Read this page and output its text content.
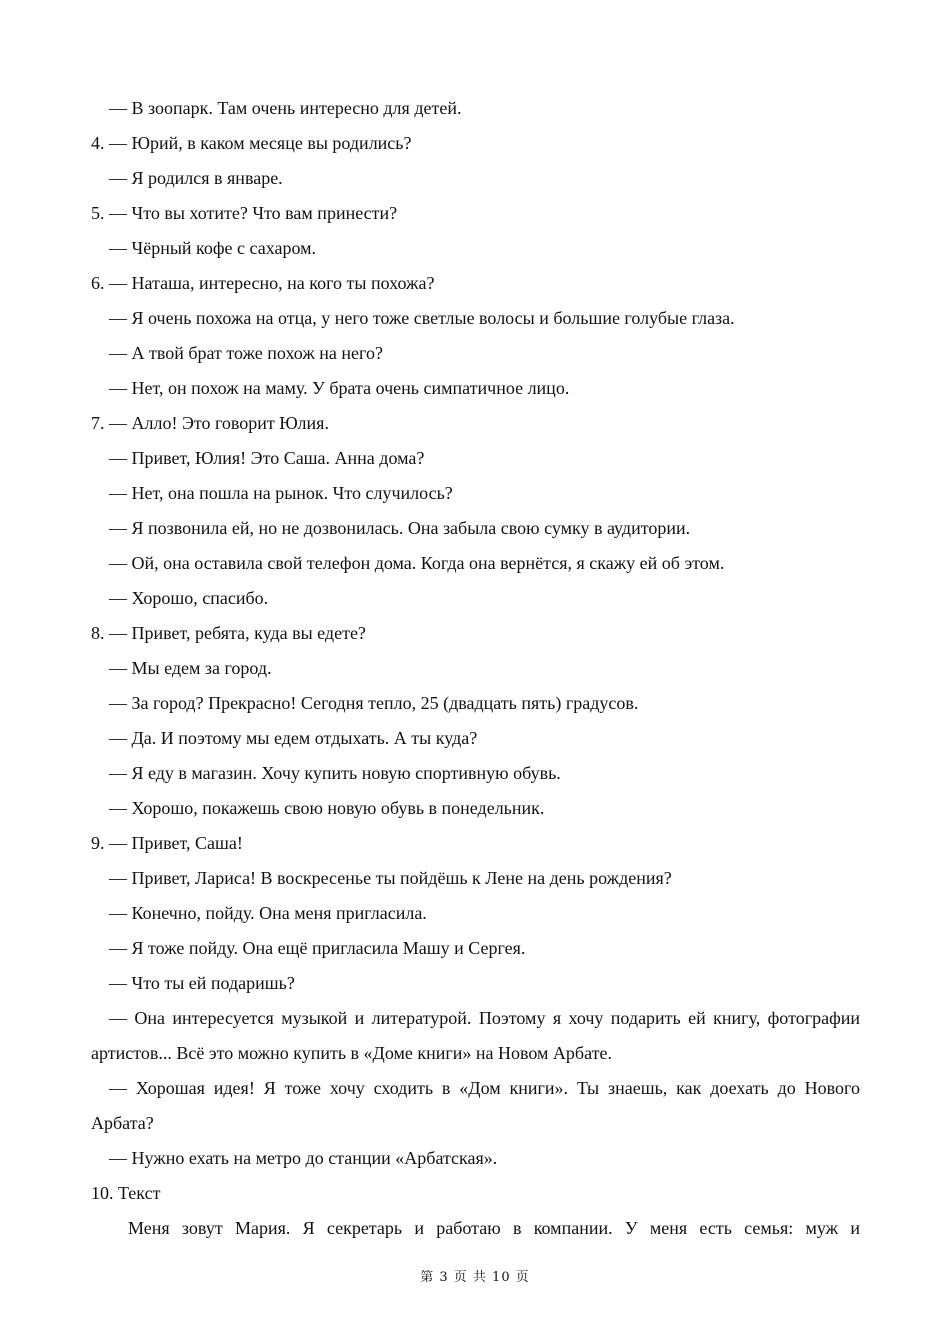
— В зоопарк. Там очень интересно для детей.
4. — Юрий, в каком месяце вы родились?
— Я родился в январе.
5. — Что вы хотите? Что вам принести?
— Чёрный кофе с сахаром.
6. — Наташа, интересно, на кого ты похожа?
— Я очень похожа на отца, у него тоже светлые волосы и большие голубые глаза.
— А твой брат тоже похож на него?
— Нет, он похож на маму. У брата очень симпатичное лицо.
7. — Алло! Это говорит Юлия.
— Привет, Юлия! Это Саша. Анна дома?
— Нет, она пошла на рынок. Что случилось?
— Я позвонила ей, но не дозвонилась. Она забыла свою сумку в аудитории.
— Ой, она оставила свой телефон дома. Когда она вернётся, я скажу ей об этом.
— Хорошо, спасибо.
8. — Привет, ребята, куда вы едете?
— Мы едем за город.
— За город? Прекрасно! Сегодня тепло, 25 (двадцать пять) градусов.
— Да. И поэтому мы едем отдыхать. А ты куда?
— Я еду в магазин. Хочу купить новую спортивную обувь.
— Хорошо, покажешь свою новую обувь в понедельник.
9. — Привет, Саша!
— Привет, Лариса! В воскресенье ты пойдёшь к Лене на день рождения?
— Конечно, пойду. Она меня пригласила.
— Я тоже пойду. Она ещё пригласила Машу и Сергея.
— Что ты ей подаришь?
— Она интересуется музыкой и литературой. Поэтому я хочу подарить ей книгу, фотографии артистов... Всё это можно купить в «Доме книги» на Новом Арбате.
— Хорошая идея! Я тоже хочу сходить в «Дом книги». Ты знаешь, как доехать до Нового Арбата?
— Нужно ехать на метро до станции «Арбатская».
10. Текст
Меня зовут Мария. Я секретарь и работаю в компании. У меня есть семья: муж и
第 3 页 共 10 页
